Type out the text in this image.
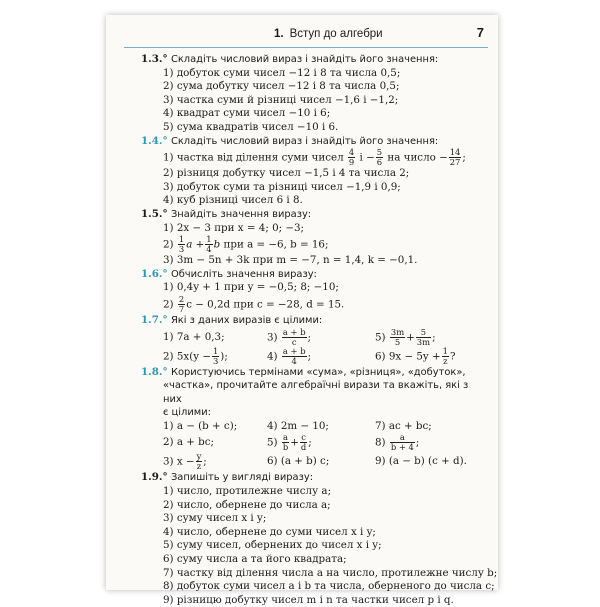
1. Вступ до алгебри	7
1.3.° Складіть числовий вираз і знайдіть його значення:
1) добуток суми чисел −12 і 8 та числа 0,5;
2) сума добутку чисел −12 і 8 та числа 0,5;
3) частка суми й різниці чисел −1,6 і −1,2;
4) квадрат суми чисел −10 і 6;
5) сума квадратів чисел −10 і 6.
1.4.° Складіть числовий вираз і знайдіть його значення:
1) частка від ділення суми чисел $\frac{4}{9}$ $і - \frac{5}{6}$ на число − $\frac{14}{27}$ ;
2) різниця добутку чисел −1,5 і 4 та числа 2;
3) добуток суми та різниці чисел −1,9 і 0,9;
4) куб різниці чисел 6 і 8.
1.5.° Знайдіть значення виразу:
1) 2x − 3 при x = 4; 0; −3;
$2) \frac{1}{3}$ $a + \frac{1}{4}$ b при a = −6, b = 16;
3) 3m − 5n + 3k при m = −7, n = 1,4, k = −0,1.
1.6.° Обчисліть значення виразу:
1) 0,4y + 1 при y = −0,5; 8; −10;
$2) \frac{2}{7}$ c − 0,2d при c = −28, d = 15.
1.7.° Які з даних виразів є цілими:
1) 7a + 0,3;	$3) \frac{a + b}{c}$ ;	$5) \frac{3m}{5} + \frac{5}{3m}$ ;
2) $5x(y - \frac{1}{3}$ );	$4) \frac{a + b}{4}$ ;	6) $9x - 5y + \frac{1}{z}$ ?
1.8.° Користуючись термінами «сума», «різниця», «добуток»,
«частка», прочитайте алгебраїчні вирази та вкажіть, які з них
є цілими:
1) a − (b + c);	4) 2m − 10;	7) ac + bc;
2) a + bc;	$5) \frac{a}{b} + \frac{c}{d}$ ;	$8) \frac{a}{b + 4}$ ;
3) $x - \frac{y}{z}$ ;	6) (a + b) c;	9) (a − b) (c + d).
1.9.° Запишіть у вигляді виразу:
1) число, протилежне числу a;
2) число, обернене до числа a;
3) суму чисел x і y;
4) число, обернене до суми чисел x і y;
5) суму чисел, обернених до чисел x і y;
6) суму числа a та його квадрата;
7) частку від ділення числа a на число, протилежне числу b;
8) добуток суми чисел a і b та числа, оберненого до числа c;
9) різницю добутку чисел m і n та частки чисел p і q.
